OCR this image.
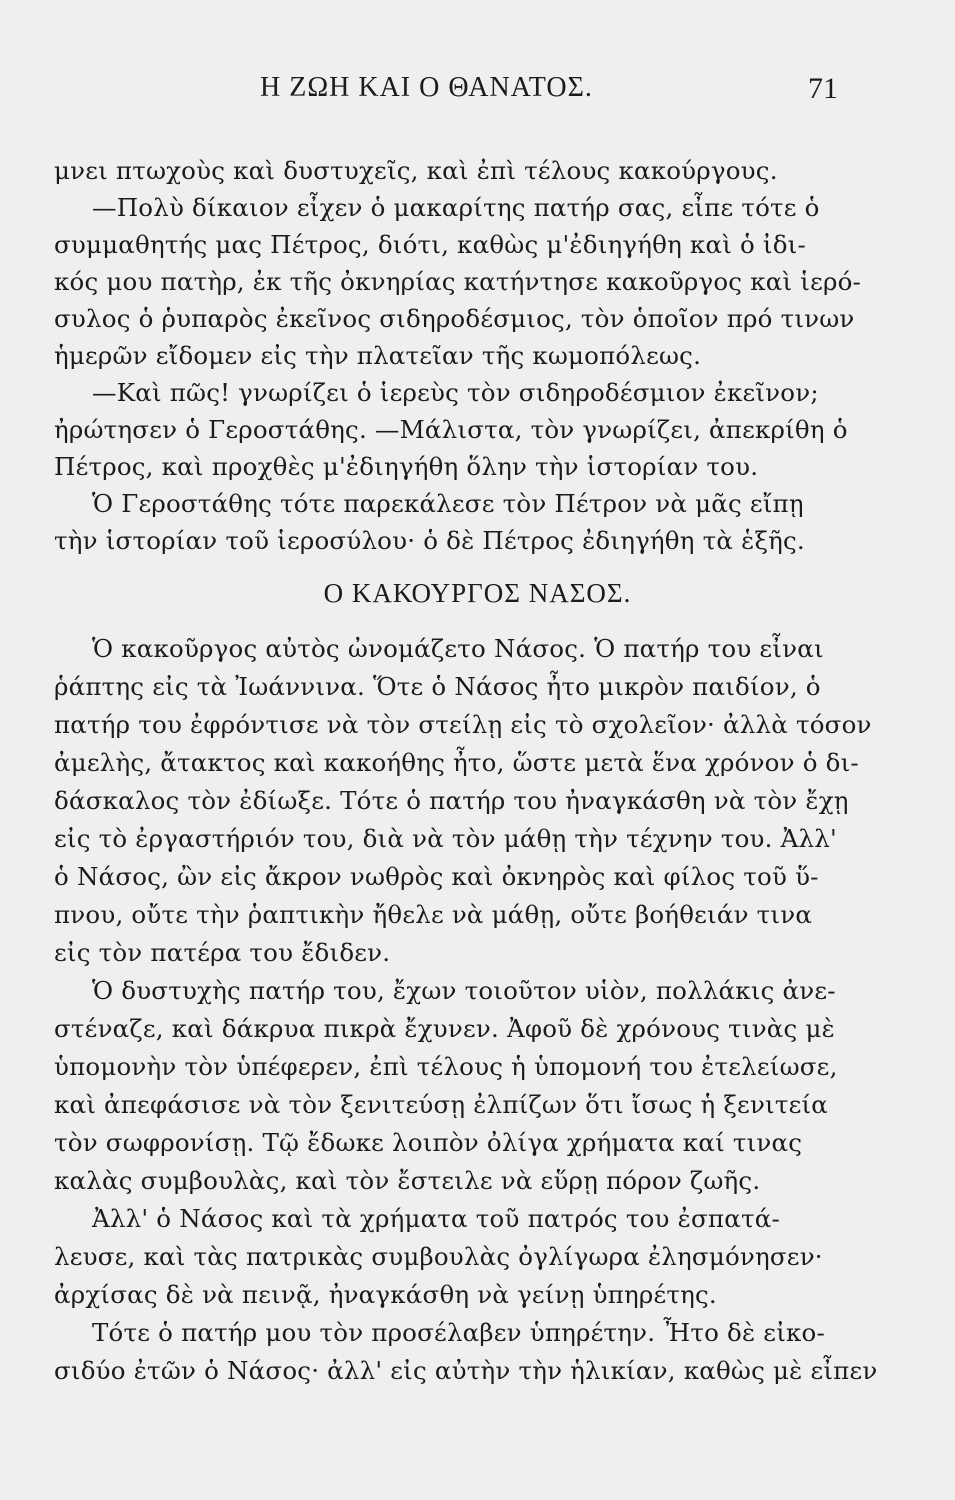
Η ΖΩΗ ΚΑΙ Ο ΘΑΝΑΤΟΣ.	71
μνει πτωχοὺς καὶ δυστυχεῖς, καὶ ἐπὶ τέλους κακούργους.
—Πολὺ δίκαιον εἶχεν ὁ μακαρίτης πατήρ σας, εἶπε τότε ὁ
συμμαθητής μας Πέτρος, διότι, καθὼς μ'ἐδιηγήθη καὶ ὁ ἰδι-
κός μου πατὴρ, ἐκ τῆς ὀκνηρίας κατήντησε κακοῦργος καὶ ἱερό-
συλος ὁ ῥυπαρὸς ἐκεῖνος σιδηροδέσμιος, τὸν ὁποῖον πρό τινων
ἡμερῶν εἴδομεν εἰς τὴν πλατεῖαν τῆς κωμοπόλεως.
—Καὶ πῶς! γνωρίζει ὁ ἱερεὺς τὸν σιδηροδέσμιον ἐκεῖνον;
ἠρώτησεν ὁ Γεροστάθης. —Μάλιστα, τὸν γνωρίζει, ἀπεκρίθη ὁ
Πέτρος, καὶ προχθὲς μ'ἐδιηγήθη ὅλην τὴν ἱστορίαν του.
Ὁ Γεροστάθης τότε παρεκάλεσε τὸν Πέτρον νὰ μᾶς εἴπῃ
τὴν ἱστορίαν τοῦ ἱεροσύλου· ὁ δὲ Πέτρος ἐδιηγήθη τὰ ἑξῆς.
Ο ΚΑΚΟΥΡΓΟΣ ΝΑΣΟΣ.
Ὁ κακοῦργος αὐτὸς ὠνομάζετο Νάσος. Ὁ πατήρ του εἶναι
ῥάπτης εἰς τὰ Ἰωάννινα. Ὅτε ὁ Νάσος ἦτο μικρὸν παιδίον, ὁ
πατήρ του ἐφρόντισε νὰ τὸν στείλῃ εἰς τὸ σχολεῖον· ἀλλὰ τόσον
ἀμελὴς, ἄτακτος καὶ κακοήθης ἦτο, ὥστε μετὰ ἕνα χρόνον ὁ δι-
δάσκαλος τὸν ἐδίωξε. Τότε ὁ πατήρ του ἠναγκάσθη νὰ τὸν ἔχῃ
εἰς τὸ ἐργαστήριόν του, διὰ νὰ τὸν μάθῃ τὴν τέχνην του. Ἀλλ'
ὁ Νάσος, ὢν εἰς ἄκρον νωθρὸς καὶ ὀκνηρὸς καὶ φίλος τοῦ ὕ-
πνου, οὔτε τὴν ῥαπτικὴν ἤθελε νὰ μάθῃ, οὔτε βοήθειάν τινα
εἰς τὸν πατέρα του ἔδιδεν.
Ὁ δυστυχὴς πατήρ του, ἔχων τοιοῦτον υἱὸν, πολλάκις ἀνε-
στέναζε, καὶ δάκρυα πικρὰ ἔχυνεν. Ἀφοῦ δὲ χρόνους τινὰς μὲ
ὑπομονὴν τὸν ὑπέφερεν, ἐπὶ τέλους ἡ ὑπομονή του ἐτελείωσε,
καὶ ἀπεφάσισε νὰ τὸν ξενιτεύσῃ ἐλπίζων ὅτι ἴσως ἡ ξενιτεία
τὸν σωφρονίσῃ. Τῷ ἔδωκε λοιπὸν ὀλίγα χρήματα καί τινας
καλὰς συμβουλὰς, καὶ τὸν ἔστειλε νὰ εὕρῃ πόρον ζωῆς.
Ἀλλ' ὁ Νάσος καὶ τὰ χρήματα τοῦ πατρός του ἐσπατά-
λευσε, καὶ τὰς πατρικὰς συμβουλὰς ὀγλίγωρα ἐλησμόνησεν·
ἀρχίσας δὲ νὰ πεινᾷ, ἠναγκάσθη νὰ γείνῃ ὑπηρέτης.
Τότε ὁ πατήρ μου τὸν προσέλαβεν ὑπηρέτην. Ἦτο δὲ εἰκο-
σιδύο ἐτῶν ὁ Νάσος· ἀλλ' εἰς αὐτὴν τὴν ἡλικίαν, καθὼς μὲ εἶπεν
